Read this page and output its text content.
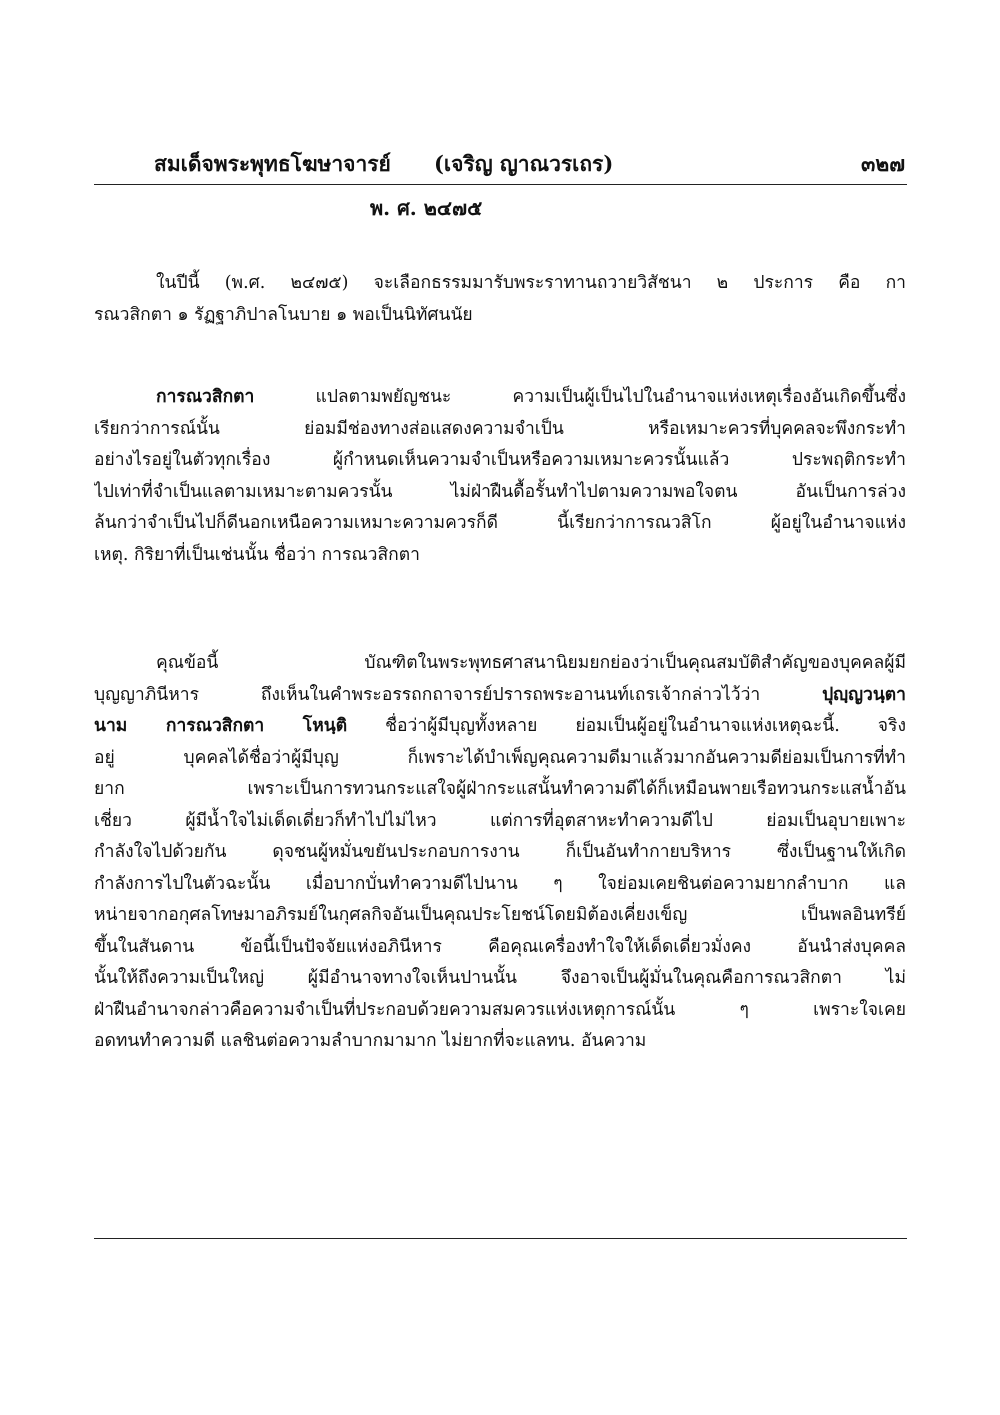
สมเด็จพระพุทธโฆษาจารย์ (เจริญ ญาณวรเถร)	๓๒๗
พ. ศ. ๒๔๗๕
ในปีนี้ (พ.ศ. ๒๔๗๕) จะเลือกธรรมมารับพระราทานถวายวิสัชนา ๒ ประการ คือ กา
รณวสิกตา ๑ รัฏฐาภิปาลโนบาย ๑ พอเป็นนิทัศนนัย
การณวสิกตา แปลตามพยัญชนะ ความเป็นผู้เป็นไปในอำนาจแห่งเหตุเรื่องอันเกิดขึ้นซึ่ง
เรียกว่าการณ์นั้น ย่อมมีช่องทางส่อแสดงความจำเป็น หรือเหมาะควรที่บุคคลจะพึงกระทำ
อย่างไรอยู่ในตัวทุกเรื่อง ผู้กำหนดเห็นความจำเป็นหรือความเหมาะควรนั้นแล้ว ประพฤติกระทำ
ไปเท่าที่จำเป็นแลตามเหมาะตามควรนั้น ไม่ฝ่าฝืนดื้อรั้นทำไปตามความพอใจตน อันเป็นการล่วง
ล้นกว่าจำเป็นไปก็ดีนอกเหนือความเหมาะความควรก็ดี นี้เรียกว่าการณวสิโก ผู้อยู่ในอำนาจแห่ง
เหตุ. กิริยาที่เป็นเช่นนั้น ชื่อว่า การณวสิกตา
คุณข้อนี้ บัณฑิตในพระพุทธศาสนานิยมยกย่องว่าเป็นคุณสมบัติสำคัญของบุคคลผู้มี
บุญญาภินีหาร ถึงเห็นในคำพระอรรถกถาจารย์ปรารถพระอานนท์เถรเจ้ากล่าวไว้ว่า ปุญฺญวนฺตา
นาม การณวสิกตา โหนฺติ ชื่อว่าผู้มีบุญทั้งหลาย ย่อมเป็นผู้อยู่ในอำนาจแห่งเหตุฉะนี้. จริง
อยู่ บุคคลได้ชื่อว่าผู้มีบุญ ก็เพราะได้บำเพ็ญคุณความดีมาแล้วมากอันความดีย่อมเป็นการที่ทำ
ยาก เพราะเป็นการทวนกระแสใจผู้ฝ่ากระแสนั้นทำความดีได้ก็เหมือนพายเรือทวนกระแสน้ำอัน
เชี่ยว ผู้มีน้ำใจไม่เด็ดเดี่ยวก็ทำไปไม่ไหว แต่การที่อุตสาหะทำความดีไป ย่อมเป็นอุบายเพาะ
กำลังใจไปด้วยกัน ดุจชนผู้หมั่นขยันประกอบการงาน ก็เป็นอันทำกายบริหาร ซึ่งเป็นฐานให้เกิด
กำลังการไปในตัวฉะนั้น เมื่อบากบั่นทำความดีไปนาน ๆ ใจย่อมเคยชินต่อความยากลำบาก แล
หน่ายจากอกุศลโทษมาอภิรมย์ในกุศลกิจอันเป็นคุณประโยชน์โดยมิต้องเคี่ยงเข็ญ เป็นพลอินทรีย์
ขึ้นในสันดาน ข้อนี้เป็นปัจจัยแห่งอภินีหาร คือคุณเครื่องทำใจให้เด็ดเดี่ยวมั่งคง อันนำส่งบุคคล
นั้นให้ถึงความเป็นใหญ่ ผู้มีอำนาจทางใจเห็นปานนั้น จึงอาจเป็นผู้มั่นในคุณคือการณวสิกตา ไม่
ฝ่าฝืนอำนาจกล่าวคือความจำเป็นที่ประกอบด้วยความสมควรแห่งเหตุการณ์นั้น ๆ เพราะใจเคย
อดทนทำความดี แลชินต่อความลำบากมามาก ไม่ยากที่จะแลทน. อันความ
